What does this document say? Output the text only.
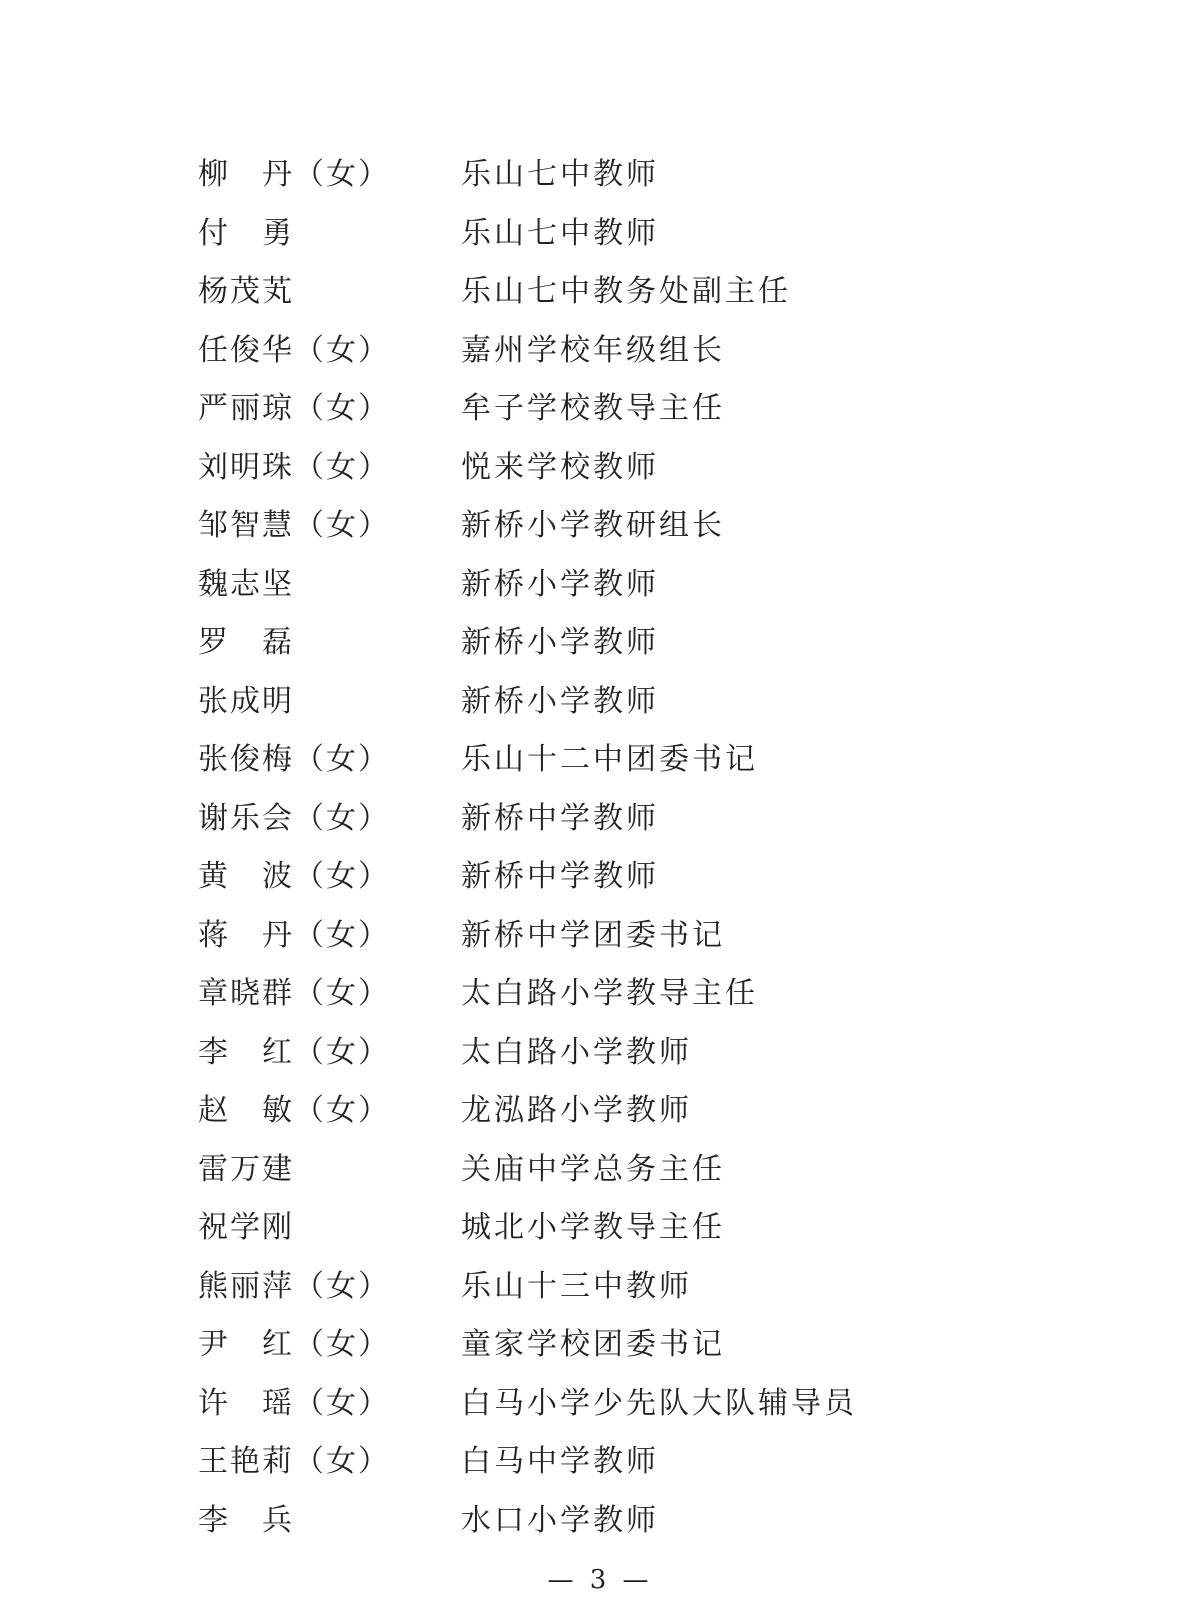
柳　丹（女） 乐山七中教师
付　勇	乐山七中教师
杨茂芄	乐山七中教务处副主任
任俊华（女） 嘉州学校年级组长
严丽琼（女） 牟子学校教导主任
刘明珠（女） 悦来学校教师
邹智慧（女） 新桥小学教研组长
魏志坚	新桥小学教师
罗　磊	新桥小学教师
张成明	新桥小学教师
张俊梅（女） 乐山十二中团委书记
谢乐会（女） 新桥中学教师
黄　波（女） 新桥中学教师
蒋　丹（女） 新桥中学团委书记
章晓群（女） 太白路小学教导主任
李　红（女） 太白路小学教师
赵　敏（女） 龙泓路小学教师
雷万建	关庙中学总务主任
祝学刚	城北小学教导主任
熊丽萍（女） 乐山十三中教师
尹　红（女） 童家学校团委书记
许　瑶（女） 白马小学少先队大队辅导员
王艳莉（女） 白马中学教师
李　兵	水口小学教师
— 3 —
